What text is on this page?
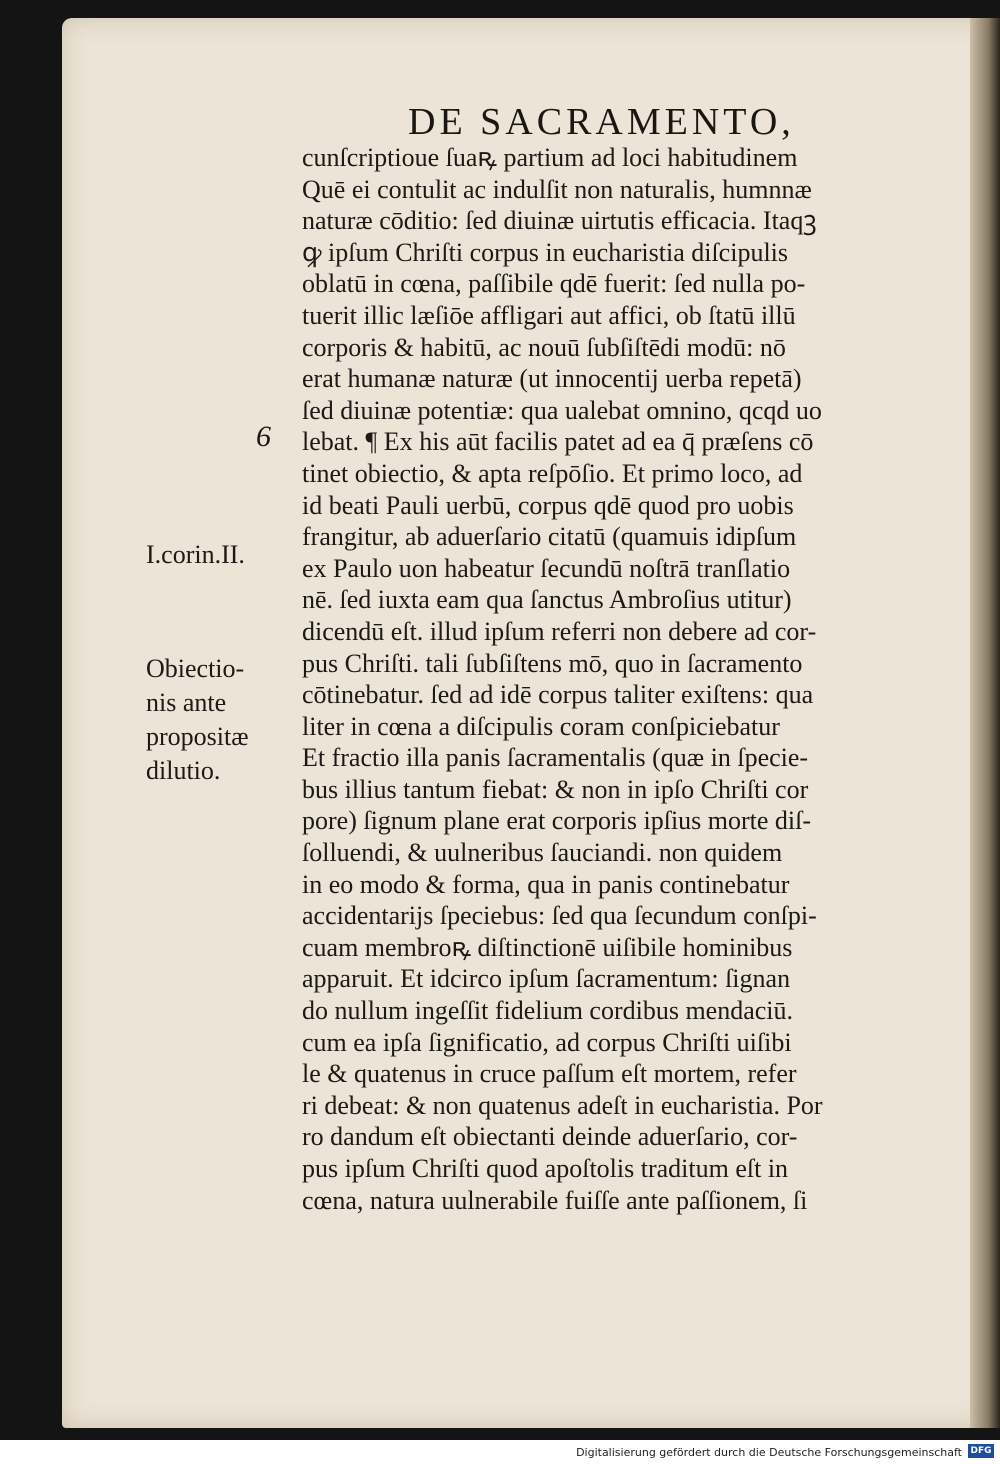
DE SACRAMENTO,
6
I.corin.II.
Obiectio-
nis ante
propositæ
dilutio.
cunſcriptioue ſuaꝶ partium ad loci habitudinem
Quē ei contulit ac indulſit non naturalis, humnnæ
naturæ cōditio: ſed diuinæ uirtutis efficacia. Itaqꝫ
ꝙ ipſum Chriſti corpus in eucharistia diſcipulis
oblatū in cœna, paſſibile qdē fuerit: ſed nulla po-
tuerit illic læſiōe affligari aut affici, ob ſtatū illū
corporis & habitū, ac nouū ſubſiſtēdi modū: nō
erat humanæ naturæ (ut innocentij uerba repetā)
ſed diuinæ potentiæ: qua ualebat omnino, qcqd uo
lebat. ¶ Ex his aūt facilis patet ad ea q̄ præſens cō
tinet obiectio, & apta reſpōſio. Et primo loco, ad
id beati Pauli uerbū, corpus qdē quod pro uobis
frangitur, ab aduerſario citatū (quamuis idipſum
ex Paulo uon habeatur ſecundū noſtrā tranſlatio
nē. ſed iuxta eam qua ſanctus Ambroſius utitur)
dicendū eſt. illud ipſum referri non debere ad cor-
pus Chriſti. tali ſubſiſtens mō, quo in ſacramento
cōtinebatur. ſed ad idē corpus taliter exiſtens: qua
liter in cœna a diſcipulis coram conſpiciebatur
Et fractio illa panis ſacramentalis (quæ in ſpecie-
bus illius tantum fiebat: & non in ipſo Chriſti cor
pore) ſignum plane erat corporis ipſius morte diſ-
ſolluendi, & uulneribus ſauciandi. non quidem
in eo modo & forma, qua in panis continebatur
accidentarijs ſpeciebus: ſed qua ſecundum conſpi-
cuam membroꝶ diſtinctionē uiſibile hominibus
apparuit. Et idcirco ipſum ſacramentum: ſignan
do nullum ingeſſit fidelium cordibus mendaciū.
cum ea ipſa ſignificatio, ad corpus Chriſti uiſibi
le & quatenus in cruce paſſum eſt mortem, refer
ri debeat: & non quatenus adeſt in eucharistia. Por
ro dandum eſt obiectanti deinde aduerſario, cor-
pus ipſum Chriſti quod apoſtolis traditum eſt in
cœna, natura uulnerabile fuiſſe ante paſſionem, ſi
Digitalisierung gefördert durch die Deutsche Forschungsgemeinschaft DFG
